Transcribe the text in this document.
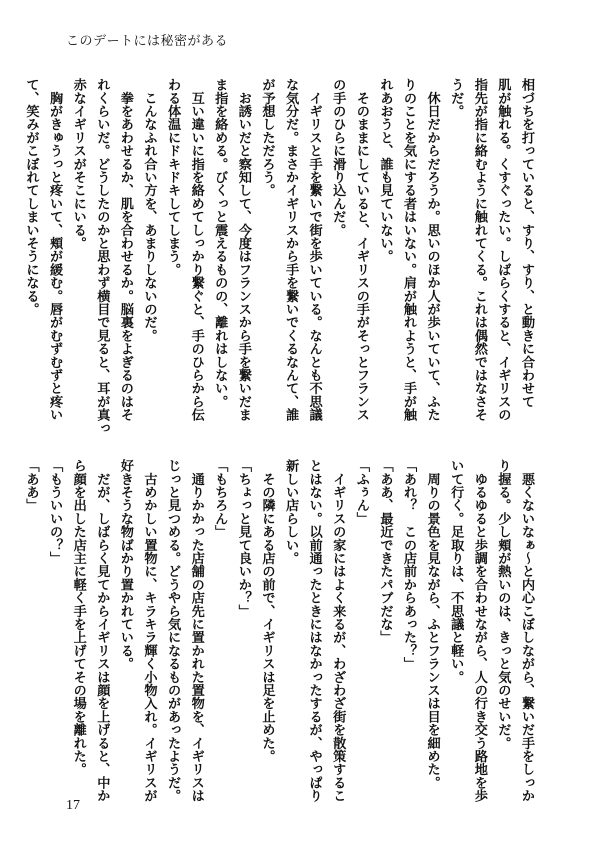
このデートには秘密がある

相づちを打っていると、すり、すり、と動きに合わせて

肌が触れる。くすぐったい。しばらくすると、イギリスの

指先が指に絡むように触れてくる。これは偶然ではなさそ

うだ。

　休日だからだろうか。思いのほか人が歩いていて、ふた

りのことを気にする者はいない。肩が触れようと、手が触

れあおうと、誰も見ていない。

　そのままにしていると、イギリスの手がそっとフランス

の手のひらに滑り込んだ。

　イギリスと手を繋いで街を歩いている。なんとも不思議

な気分だ。まさかイギリスから手を繋いでくるなんて、誰

が予想しただろう。

　お誘いだと察知して、今度はフランスから手を繋いだま

ま指を絡める。びくっと震えるものの、離れはしない。

　互い違いに指を絡めてしっかり繋ぐと、手のひらから伝

わる体温にドキドキしてしまう。

　こんなふれ合い方を、あまりしないのだ。

　拳をあわせるか、肌を合わせるか。脳裏をよぎるのはそ

れくらいだ。どうしたのかと思わず横目で見ると、耳が真っ

赤なイギリスがそこにいる。

　胸がきゅうっと疼いて、頬が緩む。唇がむずむずと疼い

て、笑みがこぼれてしまいそうになる。

　悪くないなぁ〜と内心こぼしながら、繋いだ手をしっか

り握る。少し頬が熱いのは、きっと気のせいだ。

　ゆるゆると歩調を合わせながら、人の行き交う路地を歩

いて行く。足取りは、不思議と軽い。

　周りの景色を見ながら、ふとフランスは目を細めた。

「あれ？　この店前からあった？」

「ああ、最近できたパブだな」

「ふぅん」

　イギリスの家にはよく来るが、わざわざ街を散策するこ

とはない。以前通ったときにはなかったするが、やっぱり

新しい店らしい。

　その隣にある店の前で、イギリスは足を止めた。

「ちょっと見て良いか？」

「もちろん」

　通りかかった店舗の店先に置かれた置物を、イギリスは

じっと見つめる。どうやら気になるものがあったようだ。

　古めかしい置物に、キラキラ輝く小物入れ。イギリスが

好きそうな物ばかり置かれている。

　だが、しばらく見てからイギリスは顔を上げると、中か

ら顔を出した店主に軽く手を上げてその場を離れた。

「もういいの？」

「ああ」

17
